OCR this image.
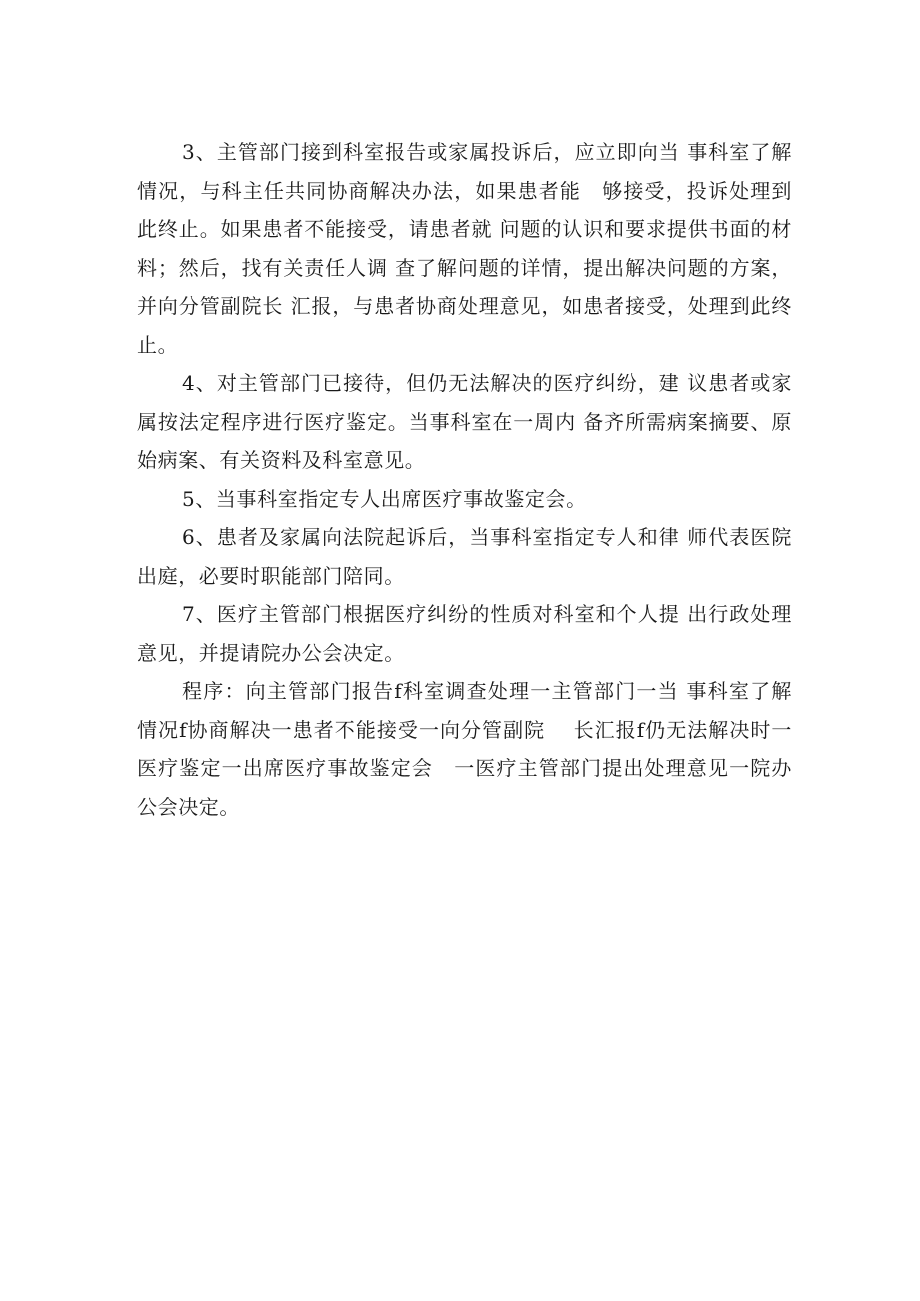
3、主管部门接到科室报告或家属投诉后，应立即向当 事科室了解情况，与科主任共同协商解决办法，如果患者能　够接受，投诉处理到此终止。如果患者不能接受，请患者就 问题的认识和要求提供书面的材料；然后，找有关责任人调 查了解问题的详情，提出解决问题的方案，并向分管副院长 汇报，与患者协商处理意见，如患者接受，处理到此终止。

4、对主管部门已接待，但仍无法解决的医疗纠纷，建 议患者或家属按法定程序进行医疗鉴定。当事科室在一周内 备齐所需病案摘要、原始病案、有关资料及科室意见。

5、当事科室指定专人出席医疗事故鉴定会。

6、患者及家属向法院起诉后，当事科室指定专人和律 师代表医院出庭，必要时职能部门陪同。

7、医疗主管部门根据医疗纠纷的性质对科室和个人提 出行政处理意见，并提请院办公会决定。

程序：向主管部门报告f科室调查处理一主管部门一当 事科室了解情况f协商解决一患者不能接受一向分管副院　 长汇报f仍无法解决时一医疗鉴定一出席医疗事故鉴定会　一医疗主管部门提出处理意见一院办公会决定。
